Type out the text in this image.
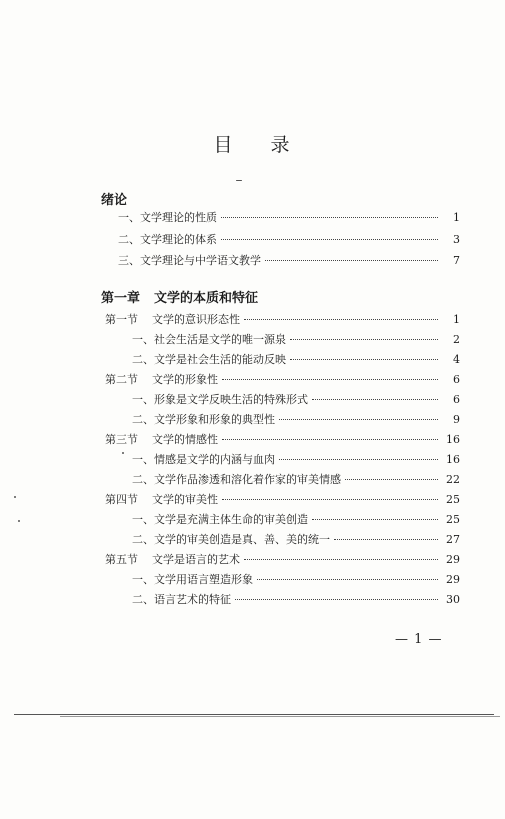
目 录
绪论
一、文学理论的性质	1
二、文学理论的体系	3
三、文学理论与中学语文教学	7
第一章 文学的本质和特征
第一节 文学的意识形态性	1
一、社会生活是文学的唯一源泉	2
二、文学是社会生活的能动反映	4
第二节 文学的形象性	6
一、形象是文学反映生活的特殊形式	6
二、文学形象和形象的典型性	9
第三节 文学的情感性	16
一、情感是文学的内涵与血肉	16
二、文学作品渗透和溶化着作家的审美情感	22
第四节 文学的审美性	25
一、文学是充满主体生命的审美创造	25
二、文学的审美创造是真、善、美的统一	27
第五节 文学是语言的艺术	29
一、文学用语言塑造形象	29
二、语言艺术的特征	30
— 1 —
